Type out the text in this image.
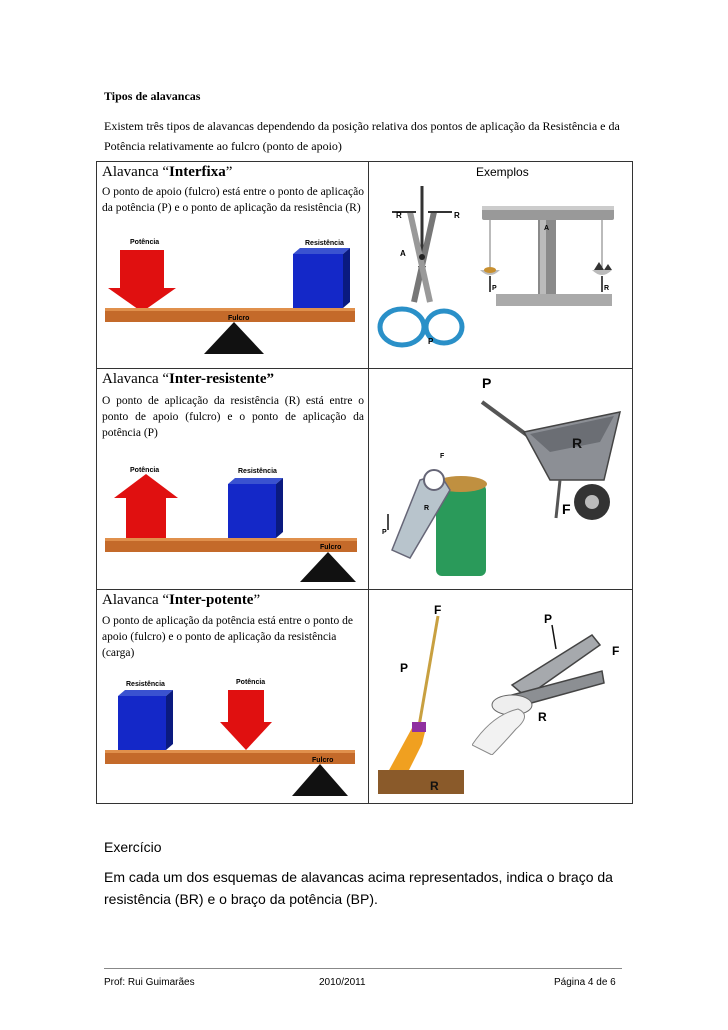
Tipos de alavancas
Existem três tipos de alavancas dependendo da posição relativa dos pontos de aplicação da Resistência e da Potência relativamente ao fulcro (ponto de apoio)
Exemplos
Alavanca “Interfixa”
O ponto de apoio (fulcro) está entre o ponto de aplicação da potência (P) e o ponto de aplicação da resistência (R)
Potência	Resistência
Fulcro
R	R
A
P
A
P	R
Alavanca “Inter-resistente”
O ponto de aplicação da resistência (R) está entre o ponto de apoio (fulcro) e o ponto de aplicação da potência (P)
Potência	Resistência
Fulcro
F
R
P
P
R
F
Alavanca “Inter-potente”
O ponto de aplicação da potência está entre o ponto de apoio (fulcro) e o ponto de aplicação da resistência (carga)
Resistência	Potência
Fulcro
F
P
R
P
F
R
Exercício
Em cada um dos esquemas de alavancas acima representados, indica o braço da resistência (BR) e o braço da potência (BP).
Prof: Rui Guimarães	2010/2011	Página 4 de 6
